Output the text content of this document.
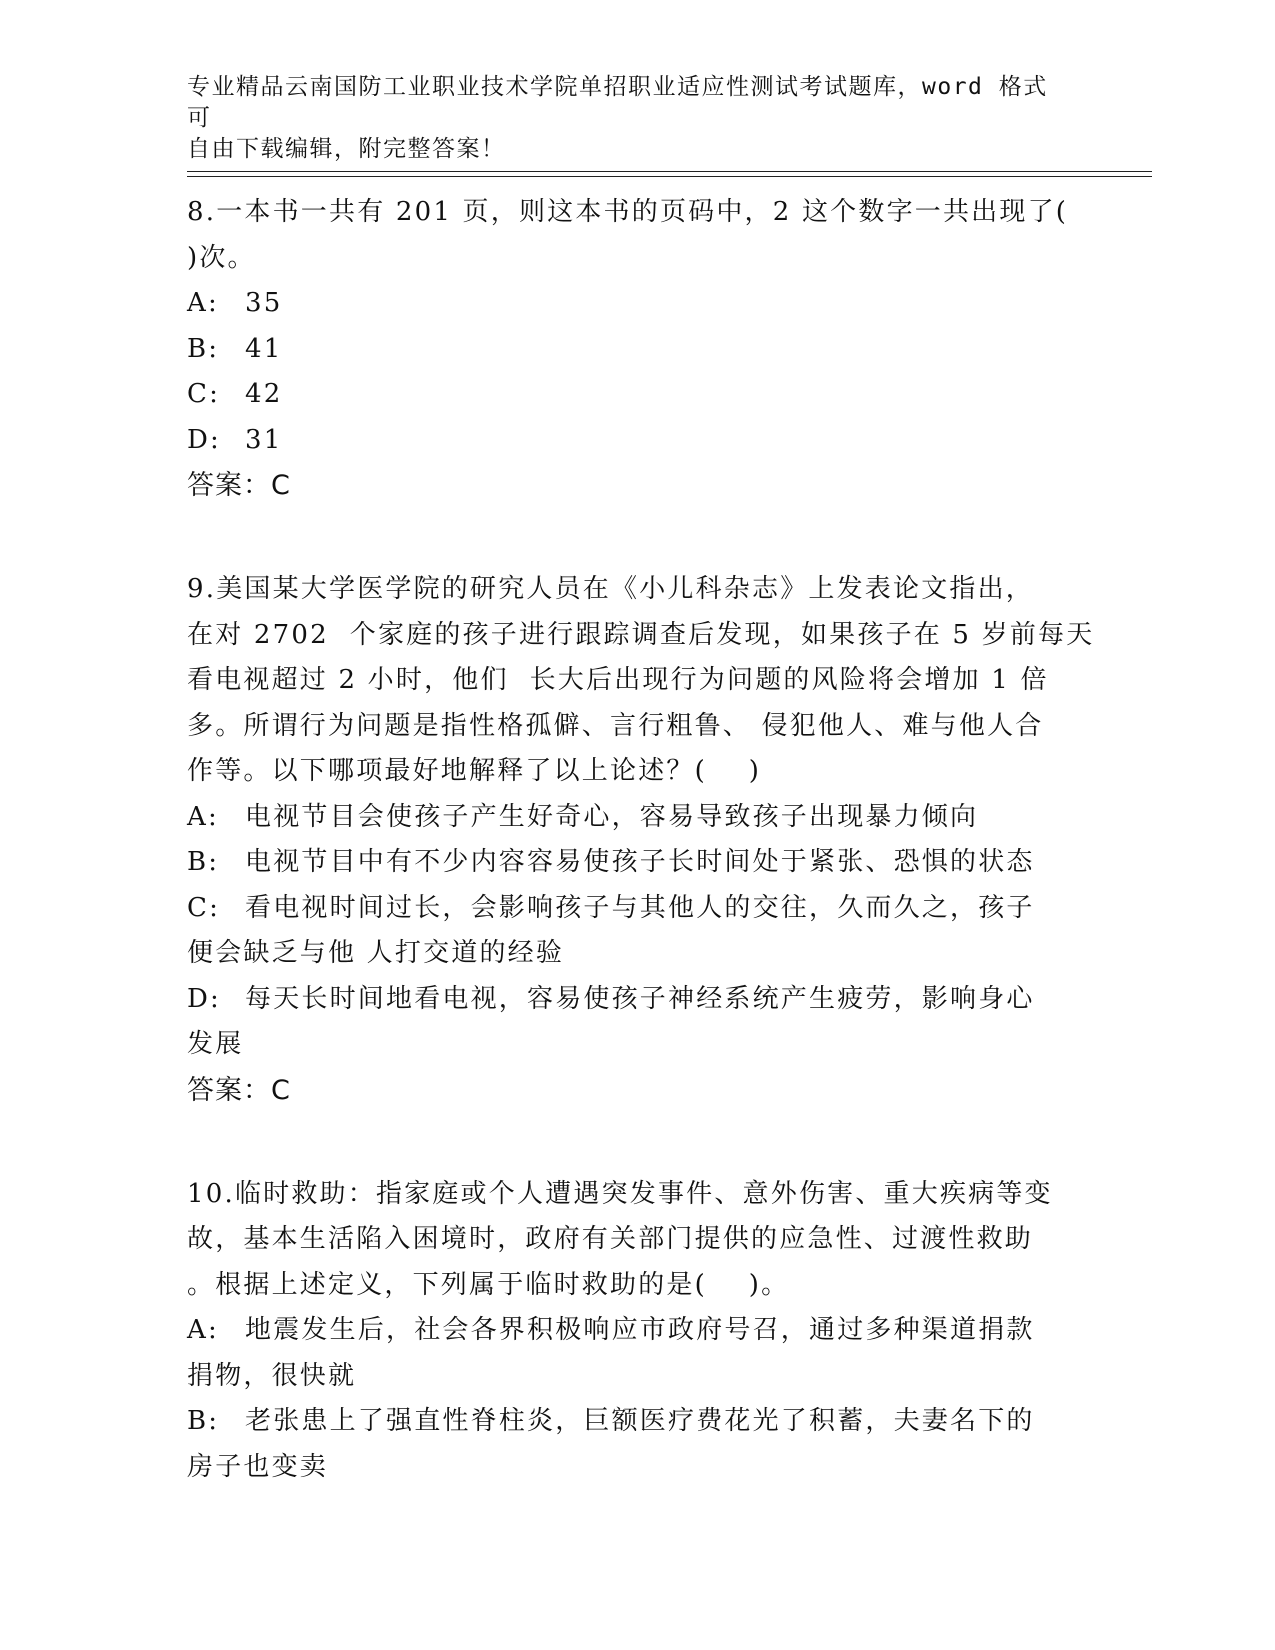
专业精品云南国防工业职业技术学院单招职业适应性测试考试题库，word 格式可
自由下载编辑，附完整答案！
8.一本书一共有 201 页，则这本书的页码中，2 这个数字一共出现了(
)次。
A: 35
B: 41
C: 42
D: 31
答案：C
9.美国某大学医学院的研究人员在《小儿科杂志》上发表论文指出，
在对 2702  个家庭的孩子进行跟踪调查后发现，如果孩子在 5 岁前每天
看电视超过 2 小时，他们  长大后出现行为问题的风险将会增加 1 倍
多。所谓行为问题是指性格孤僻、言行粗鲁、 侵犯他人、难与他人合
作等。以下哪项最好地解释了以上论述？(    )
A: 电视节目会使孩子产生好奇心，容易导致孩子出现暴力倾向
B: 电视节目中有不少内容容易使孩子长时间处于紧张、恐惧的状态
C: 看电视时间过长，会影响孩子与其他人的交往，久而久之，孩子
便会缺乏与他 人打交道的经验
D: 每天长时间地看电视，容易使孩子神经系统产生疲劳，影响身心
发展
答案：C
10.临时救助：指家庭或个人遭遇突发事件、意外伤害、重大疾病等变
故，基本生活陷入困境时，政府有关部门提供的应急性、过渡性救助
。根据上述定义，下列属于临时救助的是(    )。
A: 地震发生后，社会各界积极响应市政府号召，通过多种渠道捐款
捐物，很快就
B: 老张患上了强直性脊柱炎，巨额医疗费花光了积蓄，夫妻名下的
房子也变卖
